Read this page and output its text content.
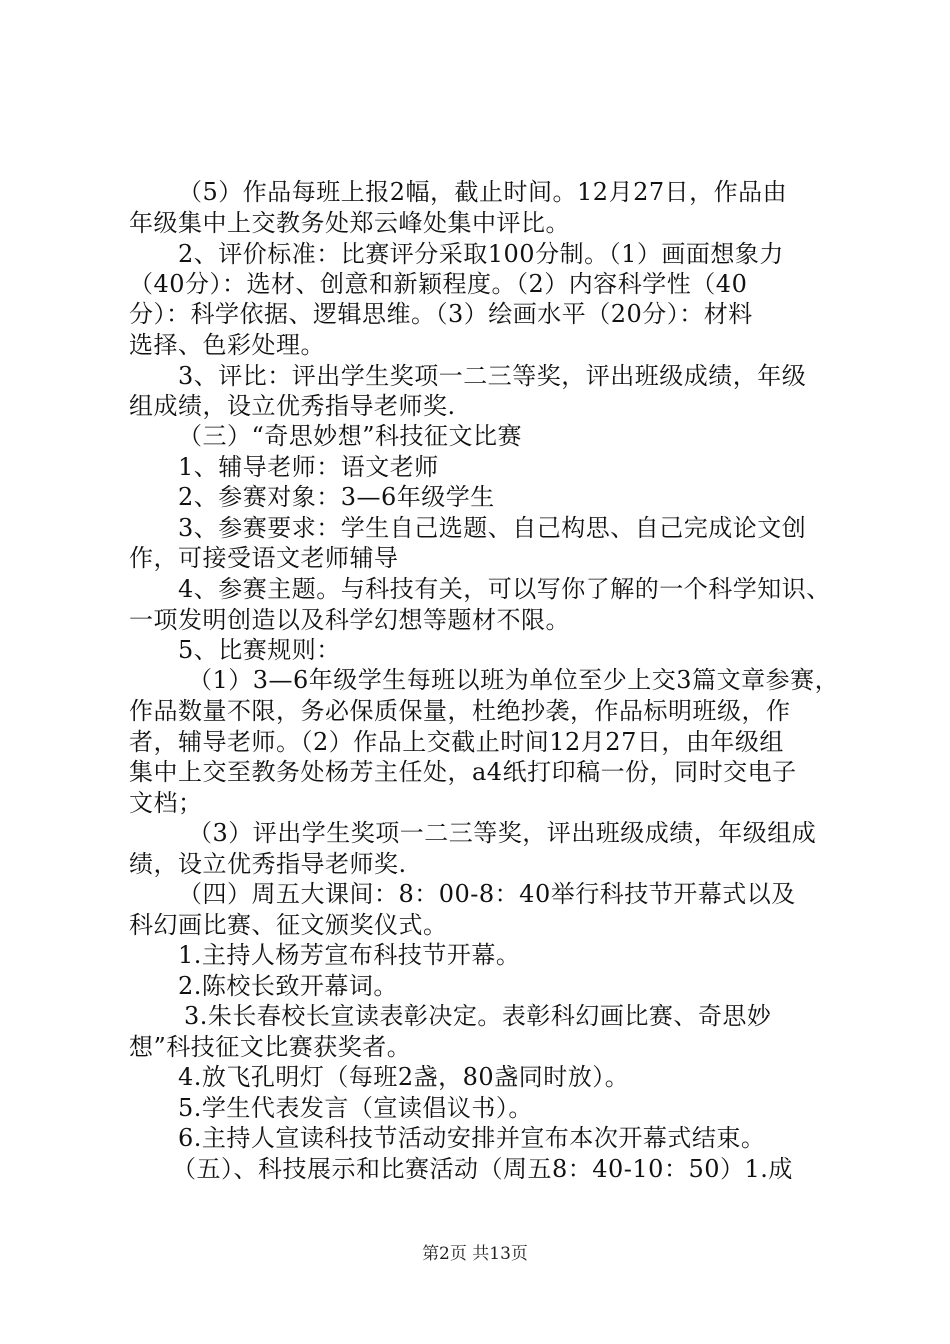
（5）作品每班上报2幅，截止时间。12月27日，作品由
年级集中上交教务处郑云峰处集中评比。
2、评价标准：比赛评分采取100分制。（1）画面想象力
（40分）：选材、创意和新颖程度。（2）内容科学性（40
分）：科学依据、逻辑思维。（3）绘画水平（20分）：材料
选择、色彩处理。
3、评比：评出学生奖项一二三等奖，评出班级成绩，年级
组成绩，设立优秀指导老师奖.
（三）“奇思妙想”科技征文比赛
1、辅导老师：语文老师
2、参赛对象：3—6年级学生
3、参赛要求：学生自己选题、自己构思、自己完成论文创
作，可接受语文老师辅导
4、参赛主题。与科技有关，可以写你了解的一个科学知识、
一项发明创造以及科学幻想等题材不限。
5、比赛规则：
（1）3—6年级学生每班以班为单位至少上交3篇文章参赛，
作品数量不限，务必保质保量，杜绝抄袭，作品标明班级，作
者，辅导老师。（2）作品上交截止时间12月27日，由年级组
集中上交至教务处杨芳主任处，a4纸打印稿一份，同时交电子
文档；
（3）评出学生奖项一二三等奖，评出班级成绩，年级组成
绩，设立优秀指导老师奖.
（四）周五大课间：8：00-8：40举行科技节开幕式以及
科幻画比赛、征文颁奖仪式。
1.主持人杨芳宣布科技节开幕。
2.陈校长致开幕词。
3.朱长春校长宣读表彰决定。表彰科幻画比赛、奇思妙
想”科技征文比赛获奖者。
4.放飞孔明灯（每班2盏，80盏同时放）。
5.学生代表发言（宣读倡议书）。
6.主持人宣读科技节活动安排并宣布本次开幕式结束。
（五）、科技展示和比赛活动（周五8：40-10：50）1.成
第2页 共13页
